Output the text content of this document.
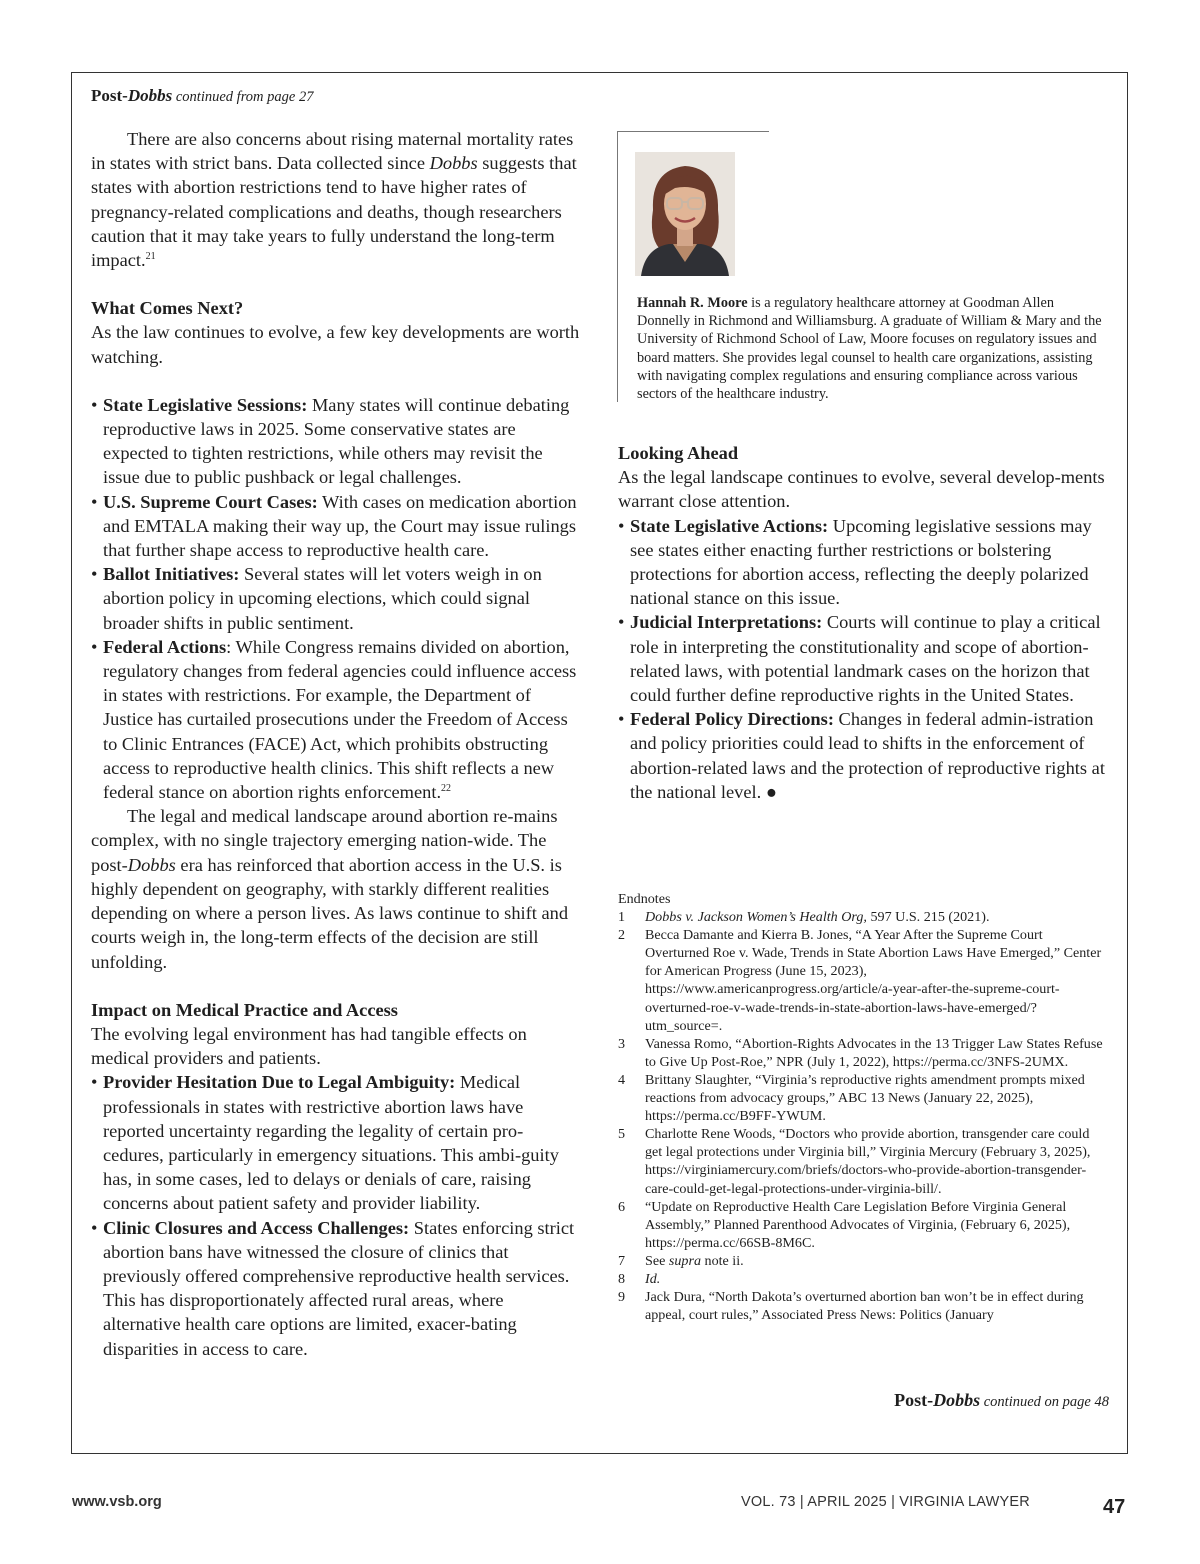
Post-Dobbs continued from page 27

There are also concerns about rising maternal mortality rates in states with strict bans. Data collected since Dobbs suggests that states with abortion restrictions tend to have higher rates of pregnancy-related complications and deaths, though researchers caution that it may take years to fully understand the long-term impact.$^{21}$

What Comes Next?

As the law continues to evolve, a few key developments are worth watching.

• State Legislative Sessions: Many states will continue debating reproductive laws in 2025. Some conservative states are expected to tighten restrictions, while others may revisit the issue due to public pushback or legal challenges.
• U.S. Supreme Court Cases: With cases on medication abortion and EMTALA making their way up, the Court may issue rulings that further shape access to reproductive health care.
• Ballot Initiatives: Several states will let voters weigh in on abortion policy in upcoming elections, which could signal broader shifts in public sentiment.
• Federal Actions: While Congress remains divided on abortion, regulatory changes from federal agencies could influence access in states with restrictions. For example, the Department of Justice has curtailed prosecutions under the Freedom of Access to Clinic Entrances (FACE) Act, which prohibits obstructing access to reproductive health clinics. This shift reflects a new federal stance on abortion rights enforcement.$^{22}$

The legal and medical landscape around abortion re-mains complex, with no single trajectory emerging nation-wide. The post-Dobbs era has reinforced that abortion access in the U.S. is highly dependent on geography, with starkly different realities depending on where a person lives. As laws continue to shift and courts weigh in, the long-term effects of the decision are still unfolding.

Impact on Medical Practice and Access

The evolving legal environment has had tangible effects on medical providers and patients.

• Provider Hesitation Due to Legal Ambiguity: Medical professionals in states with restrictive abortion laws have reported uncertainty regarding the legality of certain pro-cedures, particularly in emergency situations. This ambi-guity has, in some cases, led to delays or denials of care, raising concerns about patient safety and provider liability.
• Clinic Closures and Access Challenges: States enforcing strict abortion bans have witnessed the closure of clinics that previously offered comprehensive reproductive health services. This has disproportionately affected rural areas, where alternative health care options are limited, exacer-bating disparities in access to care.
Hannah R. Moore is a regulatory healthcare attorney at Goodman Allen Donnelly in Richmond and Williamsburg. A graduate of William & Mary and the University of Richmond School of Law, Moore focuses on regulatory issues and board matters. She provides legal counsel to health care organizations, assisting with navigating complex regulations and ensuring compliance across various sectors of the healthcare industry.

Looking Ahead

As the legal landscape continues to evolve, several develop-ments warrant close attention.

• State Legislative Actions: Upcoming legislative sessions may see states either enacting further restrictions or bolstering protections for abortion access, reflecting the deeply polarized national stance on this issue.
• Judicial Interpretations: Courts will continue to play a critical role in interpreting the constitutionality and scope of abortion-related laws, with potential landmark cases on the horizon that could further define reproductive rights in the United States.
• Federal Policy Directions: Changes in federal admin-istration and policy priorities could lead to shifts in the enforcement of abortion-related laws and the protection of reproductive rights at the national level. ●

Endnotes

1 Dobbs v. Jackson Women’s Health Org, 597 U.S. 215 (2021).
2 Becca Damante and Kierra B. Jones, “A Year After the Supreme Court Overturned Roe v. Wade, Trends in State Abortion Laws Have Emerged,” Center for American Progress (June 15, 2023), https://www.americanprogress.org/article/a-year-after-the-supreme-court-overturned-roe-v-wade-trends-in-state-abortion-laws-have-emerged/?utm_source=.
3 Vanessa Romo, “Abortion-Rights Advocates in the 13 Trigger Law States Refuse to Give Up Post-Roe,” NPR (July 1, 2022), https://perma.cc/3NFS-2UMX.
4 Brittany Slaughter, “Virginia’s reproductive rights amendment prompts mixed reactions from advocacy groups,” ABC 13 News (January 22, 2025), https://perma.cc/B9FF-YWUM.
5 Charlotte Rene Woods, “Doctors who provide abortion, transgender care could get legal protections under Virginia bill,” Virginia Mercury (February 3, 2025), https://virginiamercury.com/briefs/doctors-who-provide-abortion-transgender-care-could-get-legal-protections-under-virginia-bill/.
6 “Update on Reproductive Health Care Legislation Before Virginia General Assembly,” Planned Parenthood Advocates of Virginia, (February 6, 2025), https://perma.cc/66SB-8M6C.
7 See supra note ii.
8 Id.
9 Jack Dura, “North Dakota’s overturned abortion ban won’t be in effect during appeal, court rules,” Associated Press News: Politics (January
Post-Dobbs continued on page 48
www.vsb.org	VOL. 73 | APRIL 2025 | VIRGINIA LAWYER	47
